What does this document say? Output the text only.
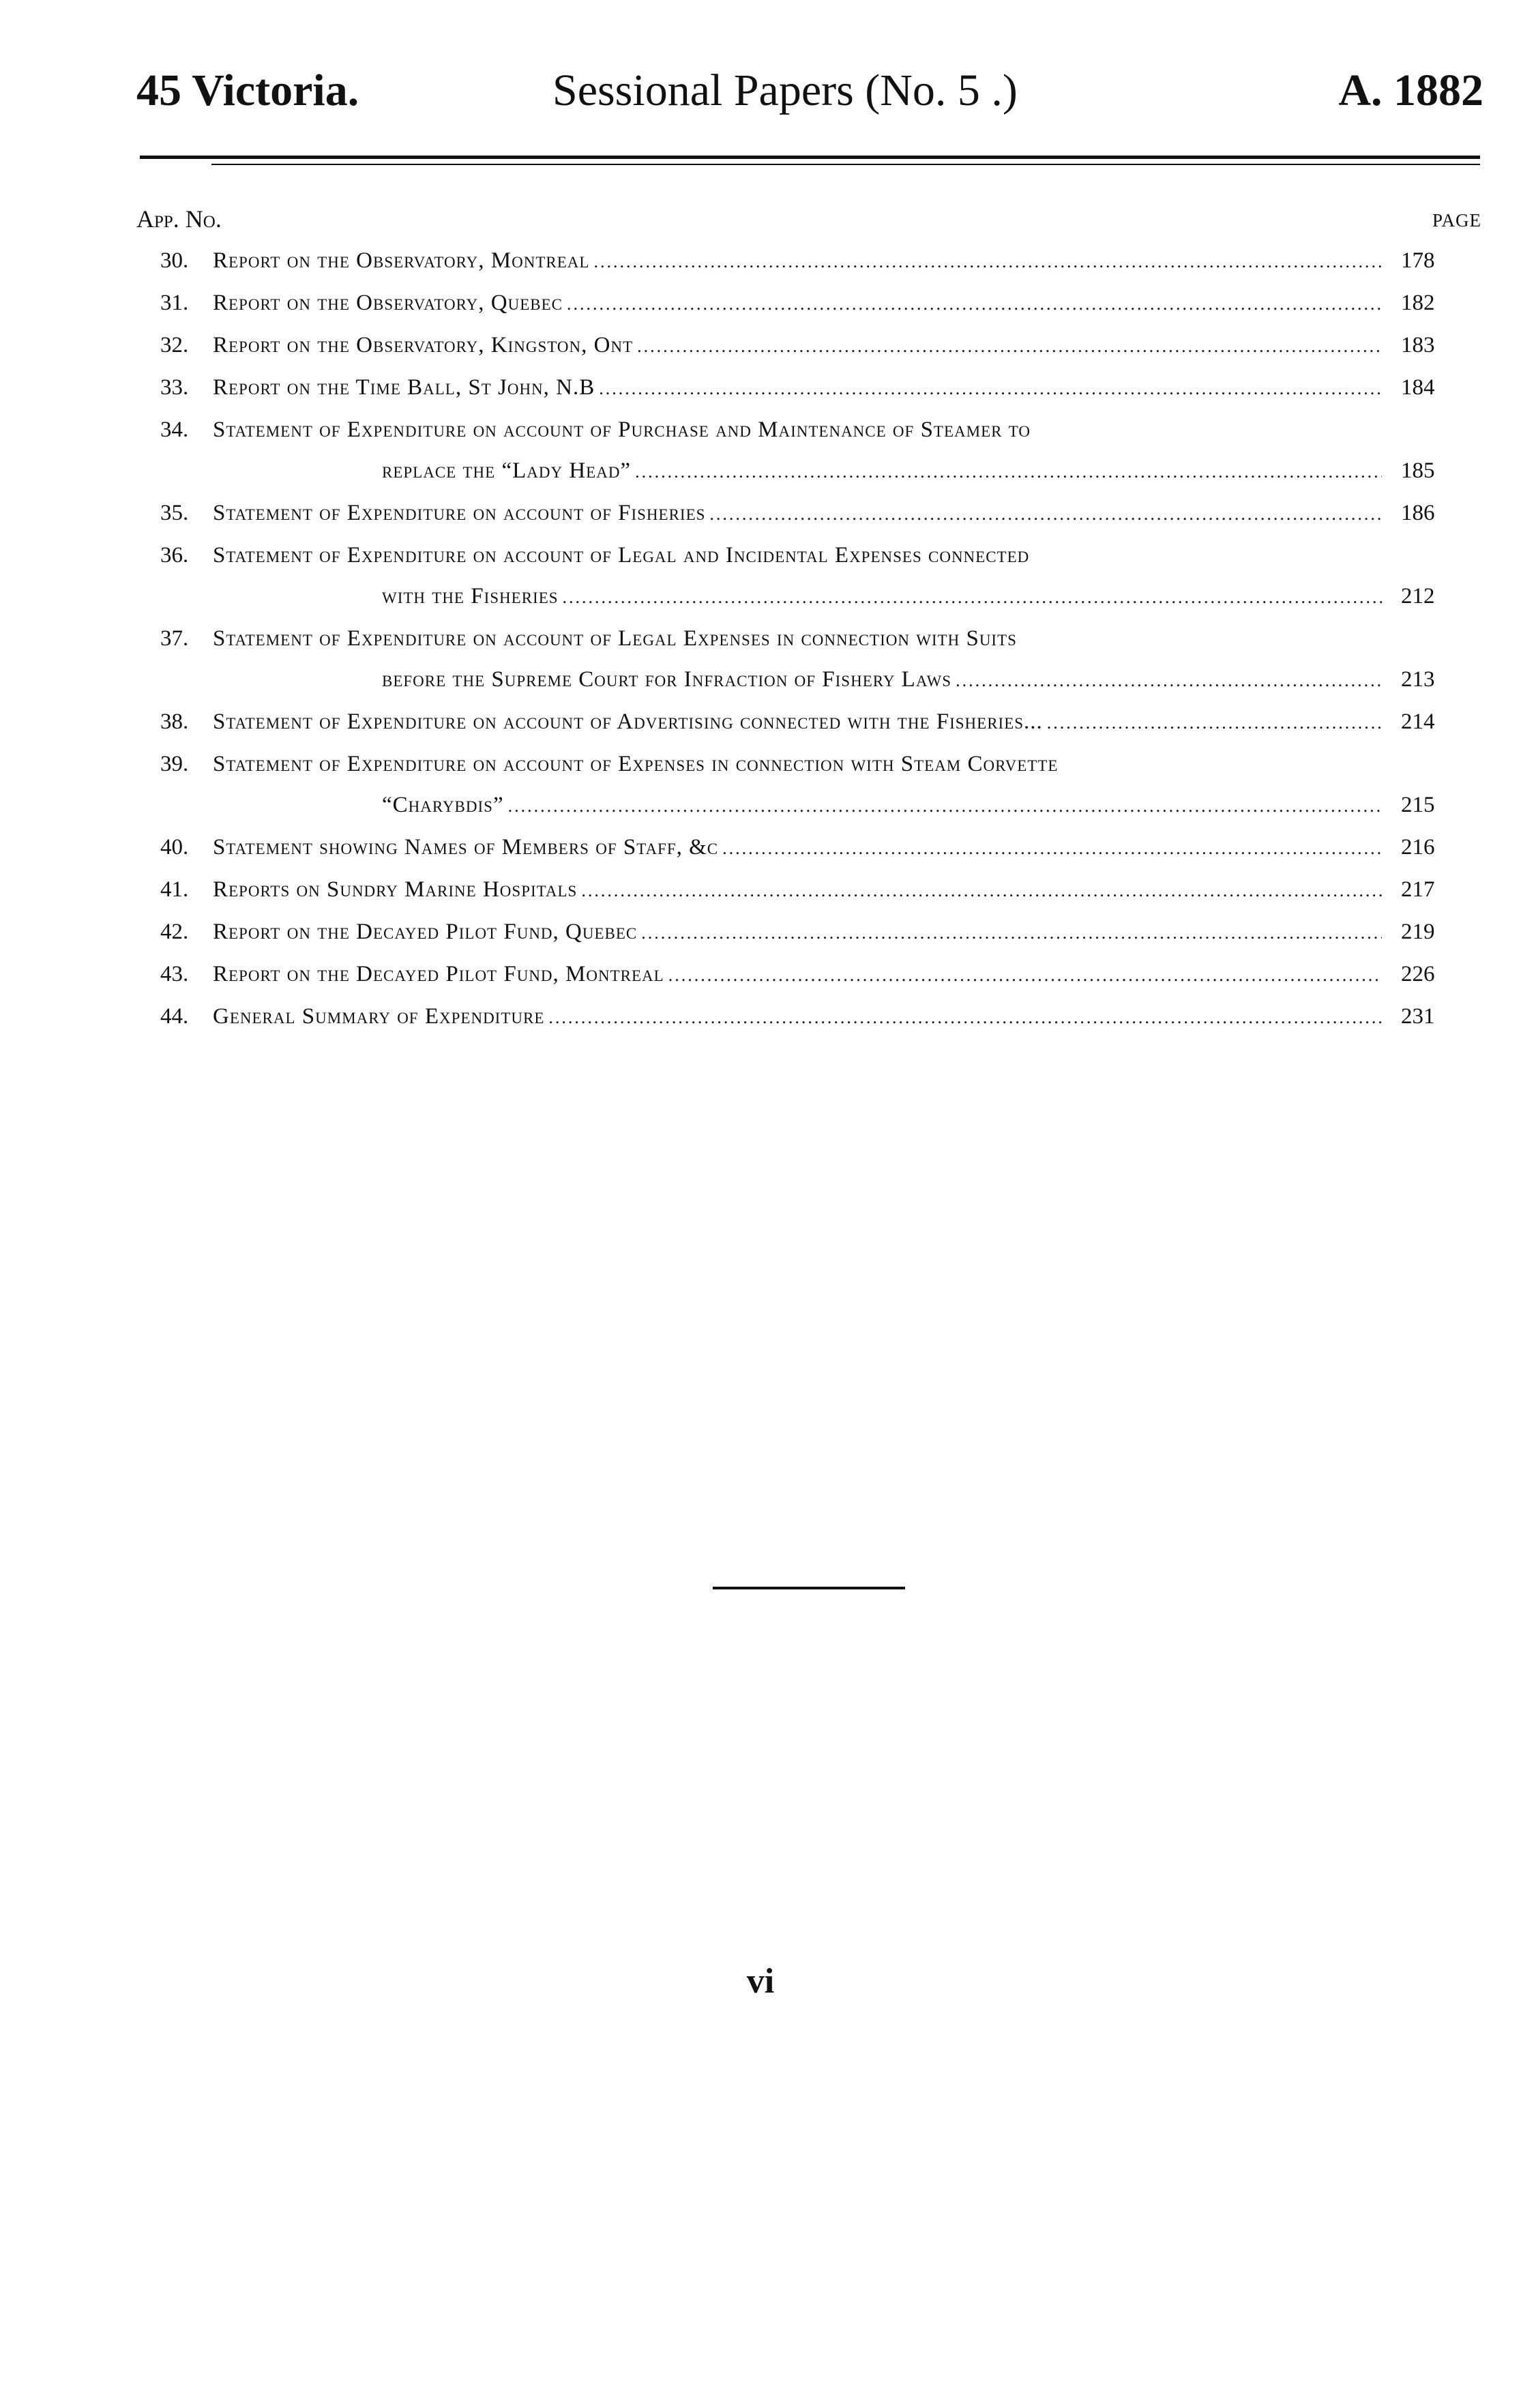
45 Victoria.	Sessional Papers (No. 5 .)	A. 1882
App. No.	PAGE
30. Report on the Observatory, Montreal .....	178
31. Report on the Observatory, Quebec .....	182
32. Report on the Observatory, Kingston, Ont .....	183
33. Report on the Time Ball, St John, N.B .....	184
34. Statement of Expenditure on account of Purchase and Maintenance of Steamer to
replace the “Lady Head” .....	185
35. Statement of Expenditure on account of Fisheries .....	186
36. Statement of Expenditure on account of Legal and Incidental Expenses connected
with the Fisheries .....	212
37. Statement of Expenditure on account of Legal Expenses in connection with Suits
before the Supreme Court for Infraction of Fishery Laws .....	213
38. Statement of Expenditure on account of Advertising connected with the Fisheries... .....	214
39. Statement of Expenditure on account of Expenses in connection with Steam Corvette
“Charybdis” .....	215
40. Statement showing Names of Members of Staff, &c .....	216
41. Reports on Sundry Marine Hospitals .....	217
42. Report on the Decayed Pilot Fund, Quebec .....	219
43. Report on the Decayed Pilot Fund, Montreal .....	226
44. General Summary of Expenditure .....	231
vi
